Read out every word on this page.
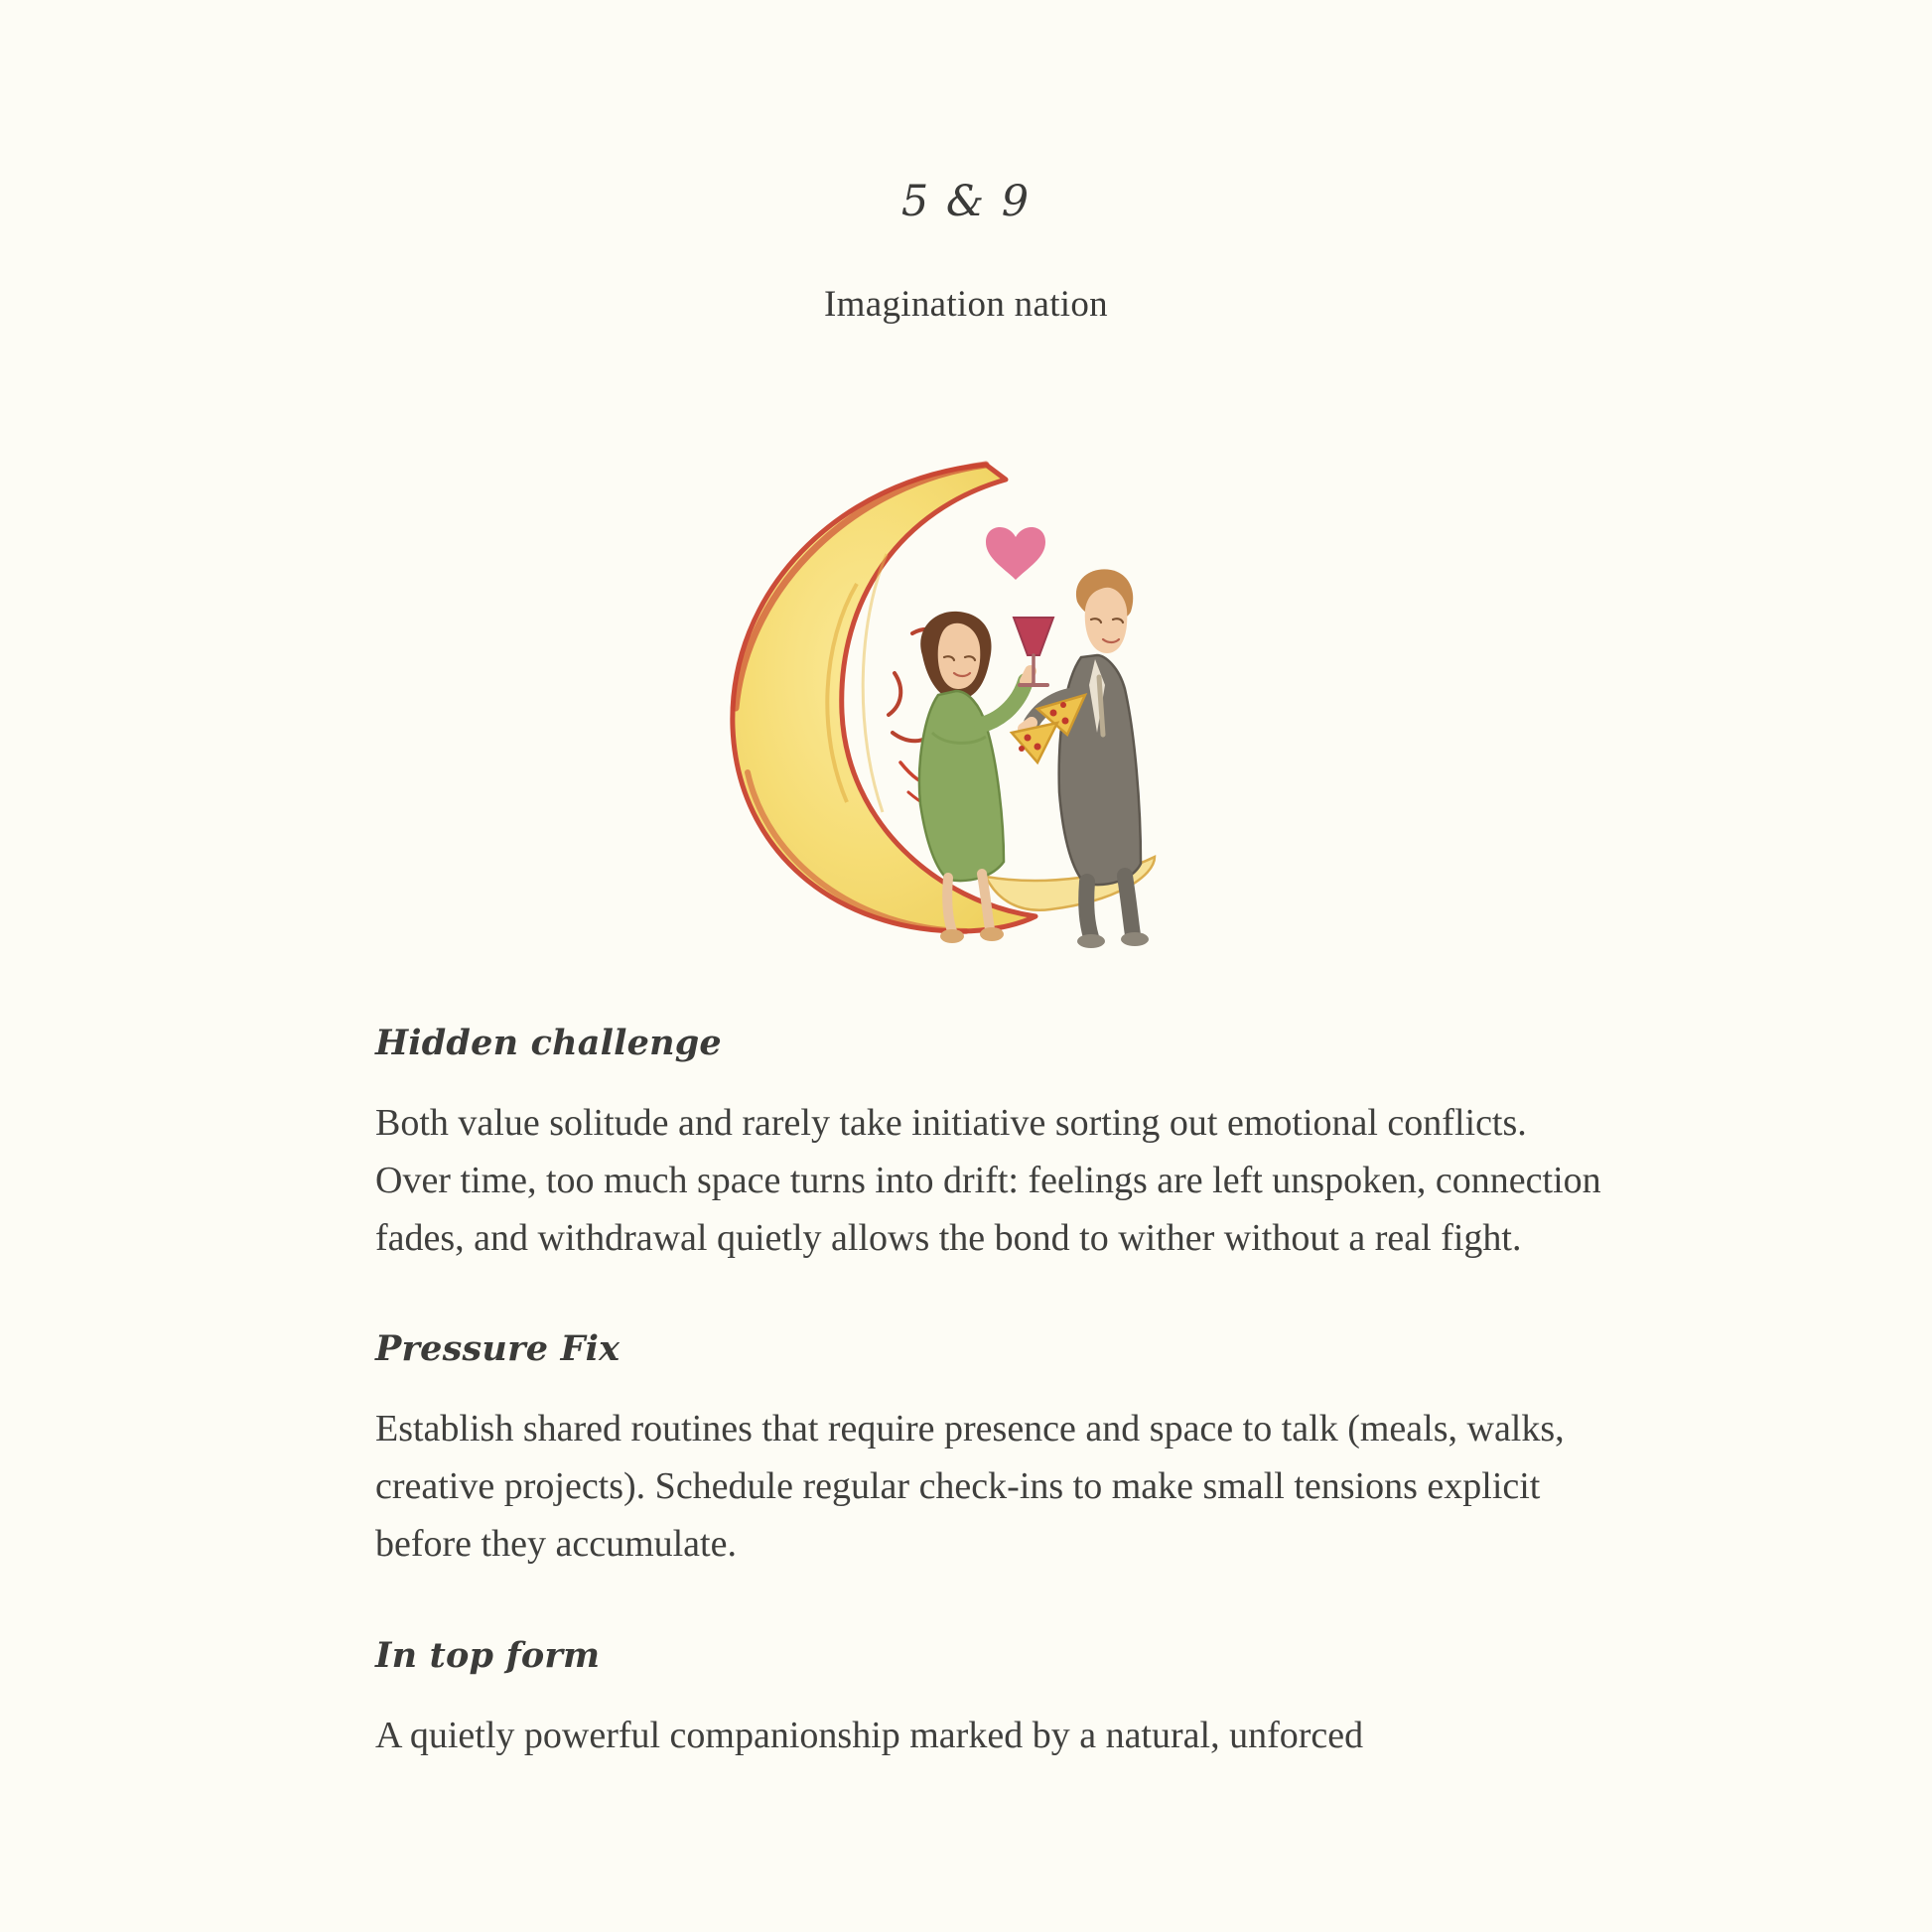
5 & 9

Imagination nation

Hidden challenge

Both value solitude and rarely take initiative sorting out emotional conflicts. Over time, too much space turns into drift: feelings are left unspoken, connection fades, and withdrawal quietly allows the bond to wither without a real fight.

Pressure Fix

Establish shared routines that require presence and space to talk (meals, walks, creative projects). Schedule regular check-ins to make small tensions explicit before they accumulate.

In top form

A quietly powerful companionship marked by a natural, unforced
